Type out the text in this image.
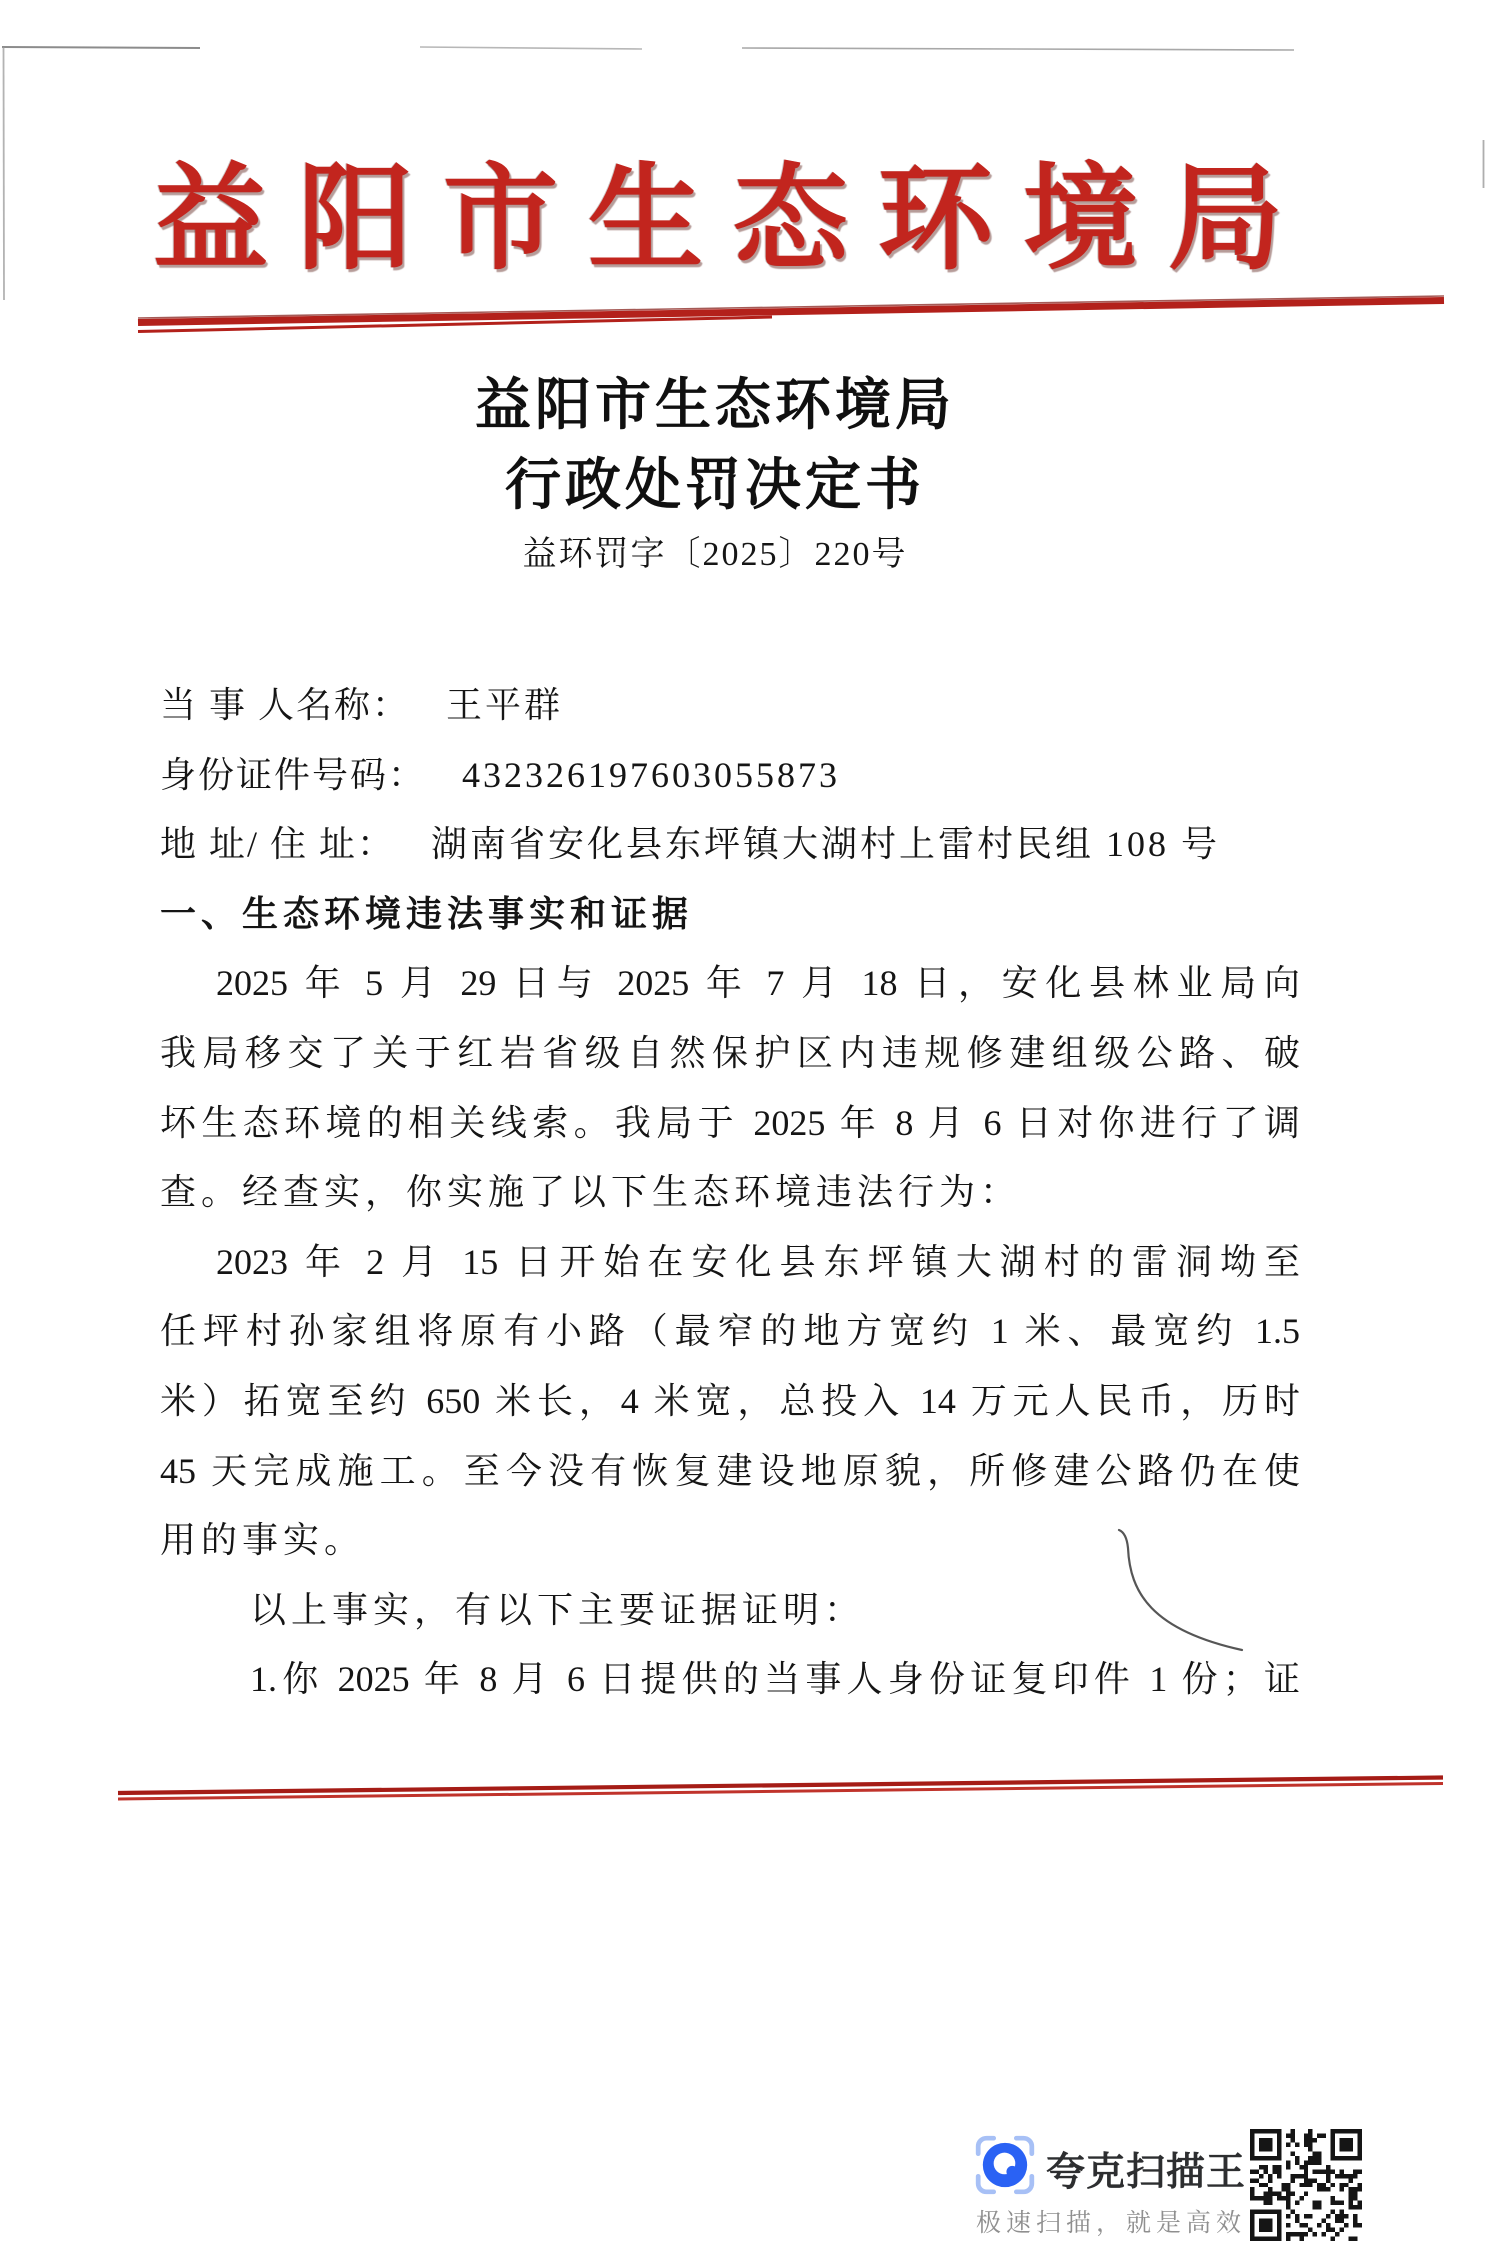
益阳市生态环境局
益阳市生态环境局
行政处罚决定书
益环罚字〔2025〕220号
当 事 人名称： 王平群
身份证件号码： 432326197603055873
地 址/ 住 址： 湖南省安化县东坪镇大湖村上雷村民组 108 号
一、生态环境违法事实和证据
2025 年 5 月 29 日与 2025 年 7 月 18 日，安化县林业局向
我局移交了关于红岩省级自然保护区内违规修建组级公路、破
坏生态环境的相关线索。我局于 2025 年 8 月 6 日对你进行了调
查。经查实，你实施了以下生态环境违法行为：
2023 年 2 月 15 日开始在安化县东坪镇大湖村的雷洞坳至
任坪村孙家组将原有小路（最窄的地方宽约 1 米、最宽约 1.5
米）拓宽至约 650 米长，4 米宽，总投入 14 万元人民币，历时
45 天完成施工。至今没有恢复建设地原貌，所修建公路仍在使
用的事实。
以上事实，有以下主要证据证明：
1.你 2025 年 8 月 6 日提供的当事人身份证复印件 1 份；证
夸克扫描王
极速扫描，就是高效
